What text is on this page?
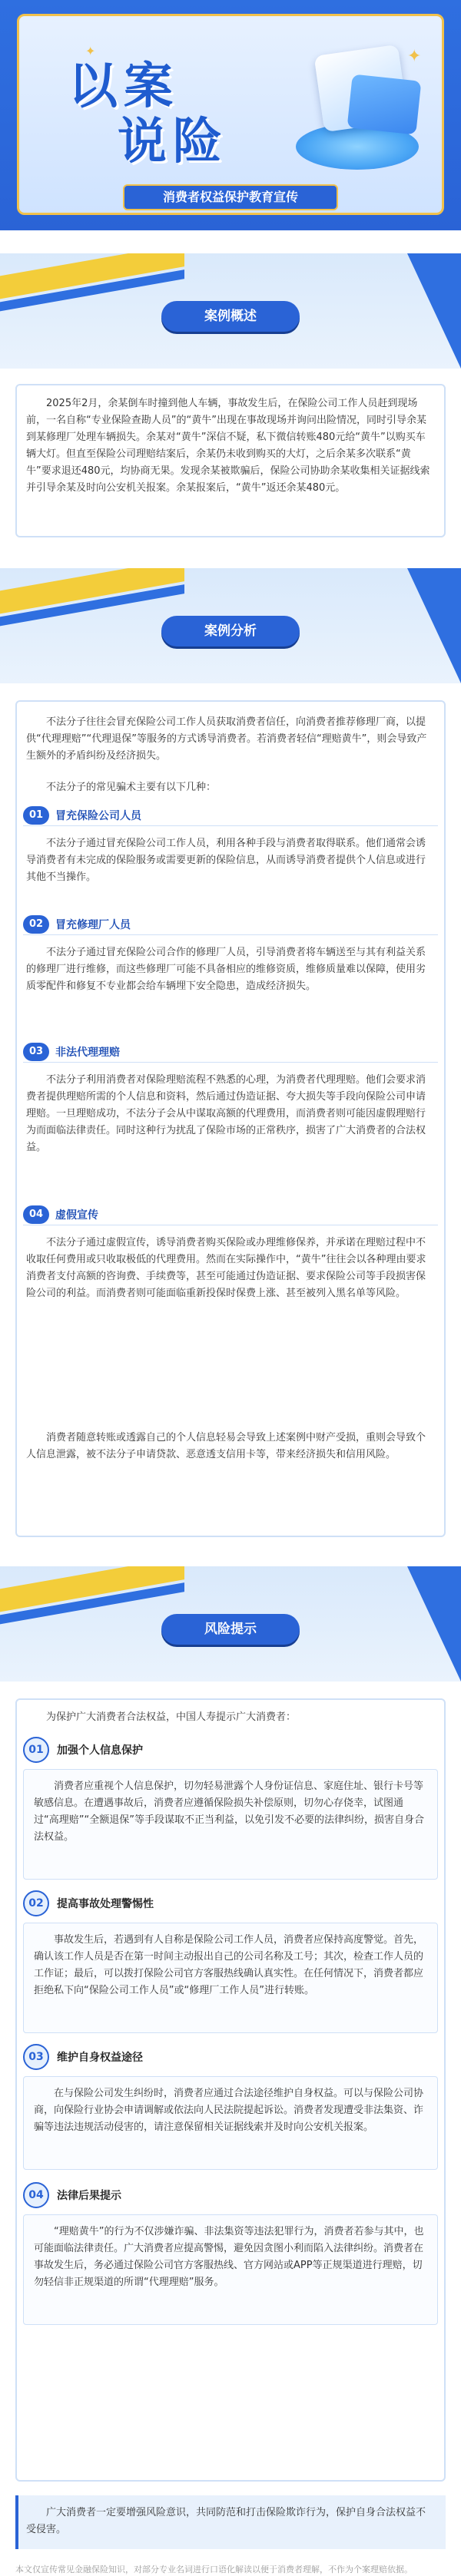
✦
以案
说险
✦
消费者权益保护教育宣传
案例概述

2025年2月，余某倒车时撞到他人车辆，事故发生后，在保险公司工作人员赶到现场前，一名自称“专业保险查勘人员”的“黄牛”出现在事故现场并询问出险情况，同时引导余某到某修理厂处理车辆损失。余某对“黄牛”深信不疑，私下微信转账480元给“黄牛”以购买车辆大灯。但直至保险公司理赔结案后，余某仍未收到购买的大灯，之后余某多次联系“黄牛”要求退还480元，均协商无果。发现余某被欺骗后，保险公司协助余某收集相关证据线索并引导余某及时向公安机关报案。余某报案后，“黄牛”返还余某480元。

案例分析

不法分子往往会冒充保险公司工作人员获取消费者信任，向消费者推荐修理厂商，以提供“代理理赔”“代理退保”等服务的方式诱导消费者。若消费者轻信“理赔黄牛”，则会导致产生额外的矛盾纠纷及经济损失。

不法分子的常见骗术主要有以下几种：

01	冒充保险公司人员

不法分子通过冒充保险公司工作人员，利用各种手段与消费者取得联系。他们通常会诱导消费者有未完成的保险服务或需要更新的保险信息，从而诱导消费者提供个人信息或进行其他不当操作。

02	冒充修理厂人员

不法分子通过冒充保险公司合作的修理厂人员，引导消费者将车辆送至与其有利益关系的修理厂进行维修，而这些修理厂可能不具备相应的维修资质，维修质量难以保障，使用劣质零配件和修复不专业都会给车辆埋下安全隐患，造成经济损失。

03	非法代理理赔

不法分子利用消费者对保险理赔流程不熟悉的心理，为消费者代理理赔。他们会要求消费者提供理赔所需的个人信息和资料，然后通过伪造证据、夸大损失等手段向保险公司申请理赔。一旦理赔成功，不法分子会从中谋取高额的代理费用，而消费者则可能因虚假理赔行为而面临法律责任。同时这种行为扰乱了保险市场的正常秩序，损害了广大消费者的合法权益。

04	虚假宣传

不法分子通过虚假宣传，诱导消费者购买保险或办理维修保养，并承诺在理赔过程中不收取任何费用或只收取极低的代理费用。然而在实际操作中，“黄牛”往往会以各种理由要求消费者支付高额的咨询费、手续费等，甚至可能通过伪造证据、要求保险公司等手段损害保险公司的利益。而消费者则可能面临重新投保时保费上涨、甚至被列入黑名单等风险。

消费者随意转账或透露自己的个人信息轻易会导致上述案例中财产受损，重则会导致个人信息泄露，被不法分子申请贷款、恶意透支信用卡等，带来经济损失和信用风险。

风险提示

为保护广大消费者合法权益，中国人寿提示广大消费者：

01	加强个人信息保护

消费者应重视个人信息保护，切勿轻易泄露个人身份证信息、家庭住址、银行卡号等敏感信息。在遭遇事故后，消费者应遵循保险损失补偿原则，切勿心存侥幸，试图通过“高理赔”“全额退保”等手段谋取不正当利益，以免引发不必要的法律纠纷，损害自身合法权益。

02	提高事故处理警惕性

事故发生后，若遇到有人自称是保险公司工作人员，消费者应保持高度警觉。首先，确认该工作人员是否在第一时间主动报出自己的公司名称及工号；其次，检查工作人员的工作证；最后，可以拨打保险公司官方客服热线确认真实性。在任何情况下，消费者都应拒绝私下向“保险公司工作人员”或“修理厂工作人员”进行转账。

03	维护自身权益途径

在与保险公司发生纠纷时，消费者应通过合法途径维护自身权益。可以与保险公司协商，向保险行业协会申请调解或依法向人民法院提起诉讼。消费者发现遭受非法集资、诈骗等违法违规活动侵害的，请注意保留相关证据线索并及时向公安机关报案。

04	法律后果提示

“理赔黄牛”的行为不仅涉嫌诈骗、非法集资等违法犯罪行为，消费者若参与其中，也可能面临法律责任。广大消费者应提高警惕，避免因贪图小利而陷入法律纠纷。消费者在事故发生后，务必通过保险公司官方客服热线、官方网站或APP等正规渠道进行理赔，切勿轻信非正规渠道的所谓“代理理赔”服务。

广大消费者一定要增强风险意识，共同防范和打击保险欺诈行为，保护自身合法权益不受侵害。

本文仅宣传常见金融保险知识，对部分专业名词进行口语化解读以便于消费者理解，不作为个案理赔依据。
